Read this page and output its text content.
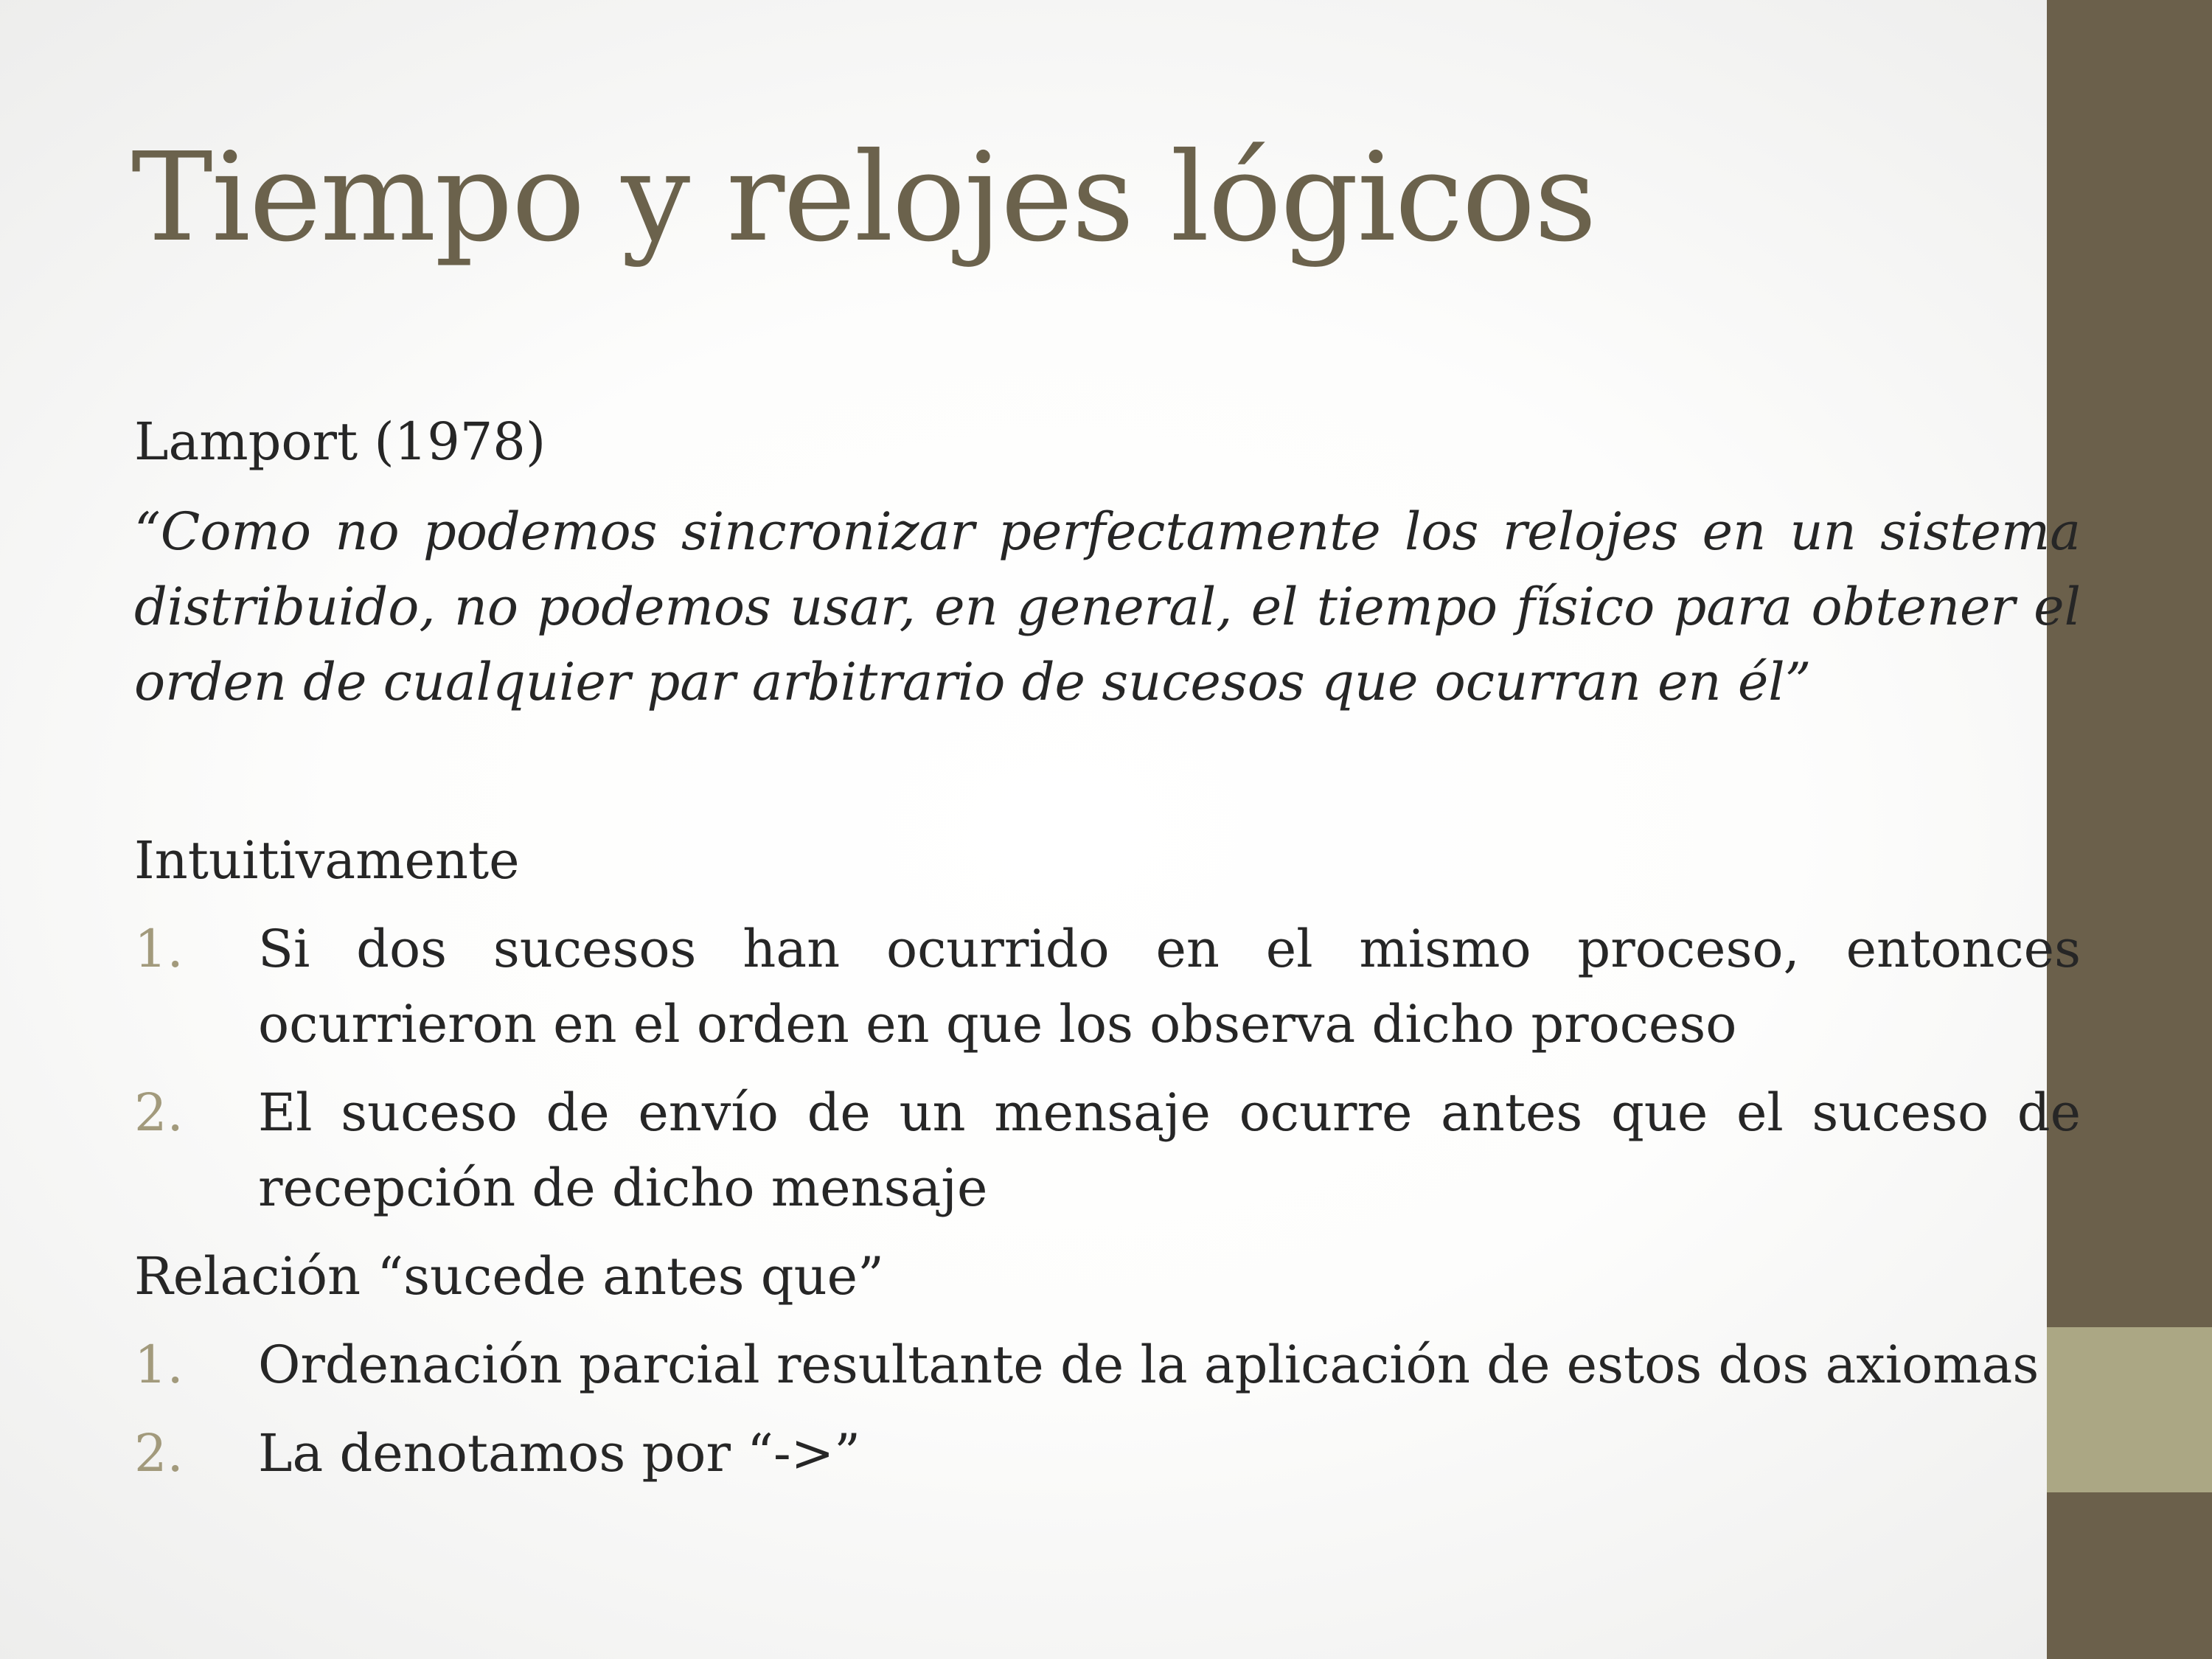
Tiempo y relojes lógicos

Lamport (1978)

“Como no podemos sincronizar perfectamente los relojes en un sistema distribuido, no podemos usar, en general, el tiempo físico para obtener el orden de cualquier par arbitrario de sucesos que ocurran en él”

Intuitivamente

1. Si dos sucesos han ocurrido en el mismo proceso, entonces ocurrieron en el orden en que los observa dicho proceso
2. El suceso de envío de un mensaje ocurre antes que el suceso de recepción de dicho mensaje

Relación “sucede antes que”

1. Ordenación parcial resultante de la aplicación de estos dos axiomas
2. La denotamos por “->”
